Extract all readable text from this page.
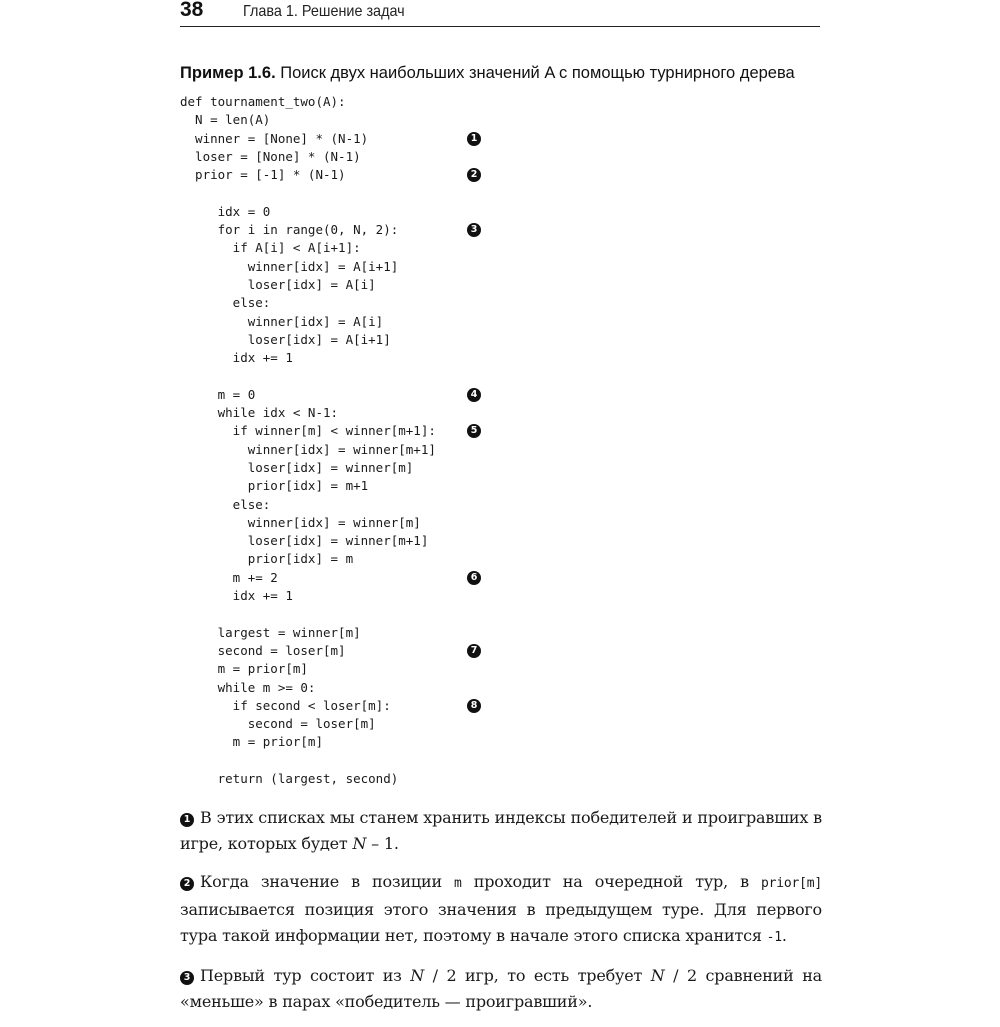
38 Глава 1. Решение задач
Пример 1.6. Поиск двух наибольших значений A с помощью турнирного дерева
def tournament_two(A):
N = len(A)
winner = [None] * (N-1)	1
loser = [None] * (N-1)
prior = [-1] * (N-1)	2
idx = 0
for i in range(0, N, 2):	3
if A[i] < A[i+1]:
winner[idx] = A[i+1]
loser[idx] = A[i]
else:
winner[idx] = A[i]
loser[idx] = A[i+1]
idx += 1
m = 0	4
while idx < N-1:
if winner[m] < winner[m+1]:	5
winner[idx] = winner[m+1]
loser[idx] = winner[m]
prior[idx] = m+1
else:
winner[idx] = winner[m]
loser[idx] = winner[m+1]
prior[idx] = m
m += 2	6
idx += 1
largest = winner[m]
second = loser[m]	7
m = prior[m]
while m >= 0:
if second < loser[m]:	8
second = loser[m]
m = prior[m]
return (largest, second)

1 В этих списках мы станем хранить индексы победителей и проигравших в игре, которых будет N – 1.

2 Когда значение в позиции m проходит на очередной тур, в prior[m] записывается позиция этого значения в предыдущем туре. Для первого тура такой информации нет, поэтому в начале этого списка хранится -1.

3 Первый тур состоит из N / 2 игр, то есть требует N / 2 сравнений на «меньше» в парах «победитель — проигравший».
